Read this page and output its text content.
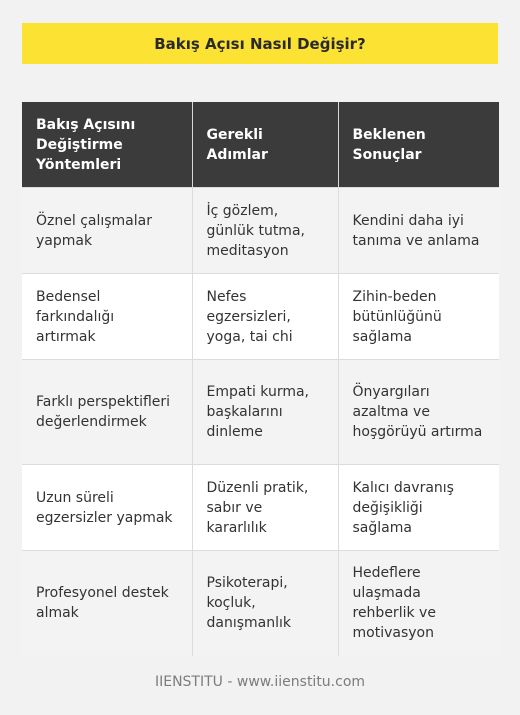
Bakış Açısı Nasıl Değişir?
Bakış Açısını Değiştirme Yöntemleri	Gerekli Adımlar	Beklenen Sonuçlar
Öznel çalışmalar yapmak	İç gözlem, günlük tutma, meditasyon	Kendini daha iyi tanıma ve anlama
Bedensel farkındalığı artırmak	Nefes egzersizleri, yoga, tai chi	Zihin-beden bütünlüğünü sağlama
Farklı perspektifleri değerlendirmek	Empati kurma, başkalarını dinleme	Önyargıları azaltma ve hoşgörüyü artırma
Uzun süreli egzersizler yapmak	Düzenli pratik, sabır ve kararlılık	Kalıcı davranış değişikliği sağlama
Profesyonel destek almak	Psikoterapi, koçluk, danışmanlık	Hedeflere ulaşmada rehberlik ve motivasyon
IIENSTITU - www.iienstitu.com
